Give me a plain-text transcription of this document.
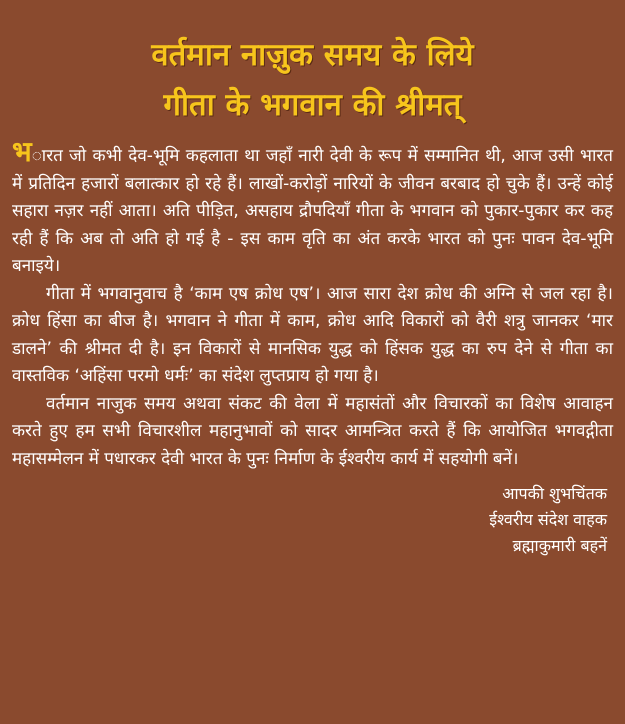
वर्तमान नाज़ुक समय के लिये
गीता के भगवान की श्रीमत्

भारत जो कभी देव-भूमि कहलाता था जहाँ नारी देवी के रूप में सम्मानित थी, आज उसी भारत में प्रतिदिन हजारों बलात्कार हो रहे हैं। लाखों-करोड़ों नारियों के जीवन बरबाद हो चुके हैं। उन्हें कोई सहारा नज़र नहीं आता। अति पीड़ित, असहाय द्रौपदियाँ गीता के भगवान को पुकार-पुकार कर कह रही हैं कि अब तो अति हो गई है - इस काम वृति का अंत करके भारत को पुनः पावन देव-भूमि बनाइये।

गीता में भगवानुवाच है ‘काम एष क्रोध एष’। आज सारा देश क्रोध की अग्नि से जल रहा है। क्रोध हिंसा का बीज है। भगवान ने गीता में काम, क्रोध आदि विकारों को वैरी शत्रु जानकर ‘मार डालने’ की श्रीमत दी है। इन विकारों से मानसिक युद्ध को हिंसक युद्ध का रुप देने से गीता का वास्तविक ‘अहिंसा परमो धर्मः’ का संदेश लुप्तप्राय हो गया है।

वर्तमान नाजुक समय अथवा संकट की वेला में महासंतों और विचारकों का विशेष आवाहन करते हुए हम सभी विचारशील महानुभावों को सादर आमन्त्रित करते हैं कि आयोजित भगवद्गीता महासम्मेलन में पधारकर देवी भारत के पुनः निर्माण के ईश्वरीय कार्य में सहयोगी बनें।

आपकी शुभचिंतक
ईश्वरीय संदेश वाहक
ब्रह्माकुमारी बहनें
